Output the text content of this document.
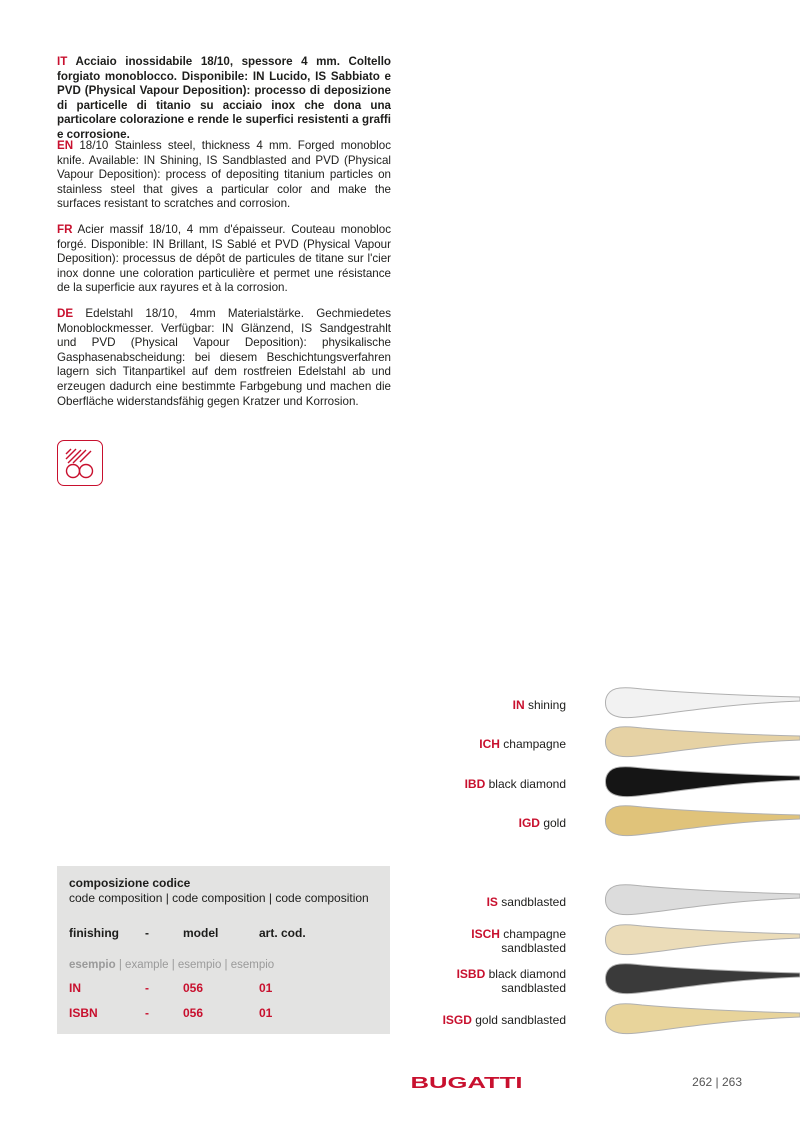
IT Acciaio inossidabile 18/10, spessore 4 mm. Coltello forgiato monoblocco. Disponibile: IN Lucido, IS Sabbiato e PVD (Physical Vapour Deposition): processo di deposizione di particelle di titanio su acciaio inox che dona una particolare colorazione e rende le superfici resistenti a graffi e corrosione.

EN 18/10 Stainless steel, thickness 4 mm. Forged monobloc knife. Available: IN Shining, IS Sandblasted and PVD (Physical Vapour Deposition): process of depositing titanium particles on stainless steel that gives a particular color and make the surfaces resistant to scratches and corrosion.

FR Acier massif 18/10, 4 mm d'épaisseur. Couteau monobloc forgé. Disponible: IN Brillant, IS Sablé et PVD (Physical Vapour Deposition): processus de dépôt de particules de titane sur l'cier inox donne une coloration particulière et permet une résistance de la superficie aux rayures et à la corrosion.

DE Edelstahl 18/10, 4mm Materialstärke. Gechmiedetes Monoblockmesser. Verfügbar: IN Glänzend, IS Sandgestrahlt und PVD (Physical Vapour Deposition): physikalische Gasphasenabscheidung: bei diesem Beschichtungsverfahren lagern sich Titanpartikel auf dem rostfreien Edelstahl ab und erzeugen dadurch eine bestimmte Farbgebung und machen die Oberfläche widerstandsfähig gegen Kratzer und Korrosion.

IN shining
ICH champagne
IBD black diamond
IGD gold
IS sandblasted
ISCH champagne
sandblasted
ISBD black diamond
sandblasted
ISGD gold sandblasted
composizione codice
code composition | code composition | code composition
finishing -	model	art. cod.
esempio | example | esempio | esempio
IN	-	056	01
ISBN	-	056	01
BUGATTI	262 | 263
